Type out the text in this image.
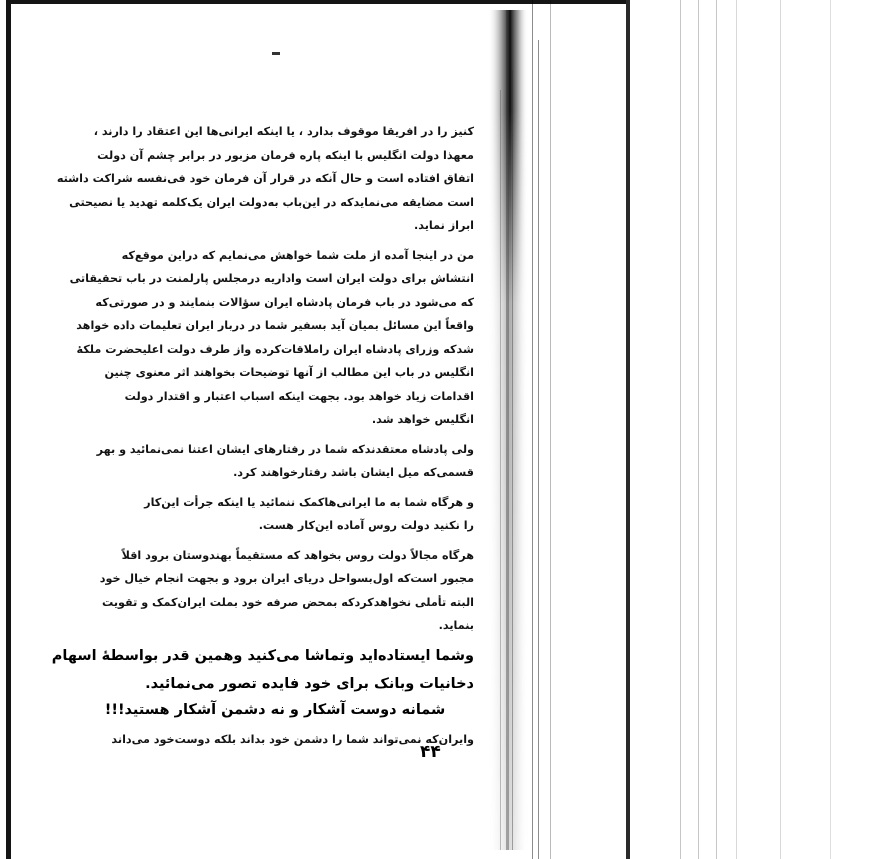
کنیز را در افریقا موقوف بدارد ، یا اینکه ایرانی‌ها این اعتقاد را دارند ،
معهذا دولت انگلیس با اینکه پاره فرمان مزبور در برابر چشم آن دولت
اتفاق افتاده است و حال آنکه در قرار آن فرمان خود فی‌نفسه شراکت داشته
است مضایقه می‌نمایدکه در این‌باب به‌دولت ایران یک‌کلمه تهدید یا نصیحتی
ابراز نماید.

من در اینجا آمده از ملت شما خواهش می‌نمایم که دراین موقع‌که
انتشاش برای دولت ایران است واداریه درمجلس پارلمنت در باب تحقیقاتی
که می‌شود در باب فرمان پادشاه ایران سؤالات بنمایند و در صورتی‌که
واقعاً این مسائل بمیان آید بسفیر شما در دربار ایران تعلیمات داده خواهد
شدکه وزرای پادشاه ایران راملاقات‌کرده واز طرف دولت اعلیحضرت ملکهٔ
انگلیس در باب این مطالب از آنها توضیحات بخواهند اثر معنوی چنین
اقدامات زیاد خواهد بود. بجهت اینکه اسباب اعتبار و اقتدار دولت
انگلیس خواهد شد.

ولی پادشاه معتقدندکه شما در رفتارهای ایشان اعتنا نمی‌نمائید و بهر
قسمی‌که میل ایشان باشد رفتارخواهند کرد.

و هرگاه شما به ما ایرانی‌هاکمک ننمائید یا اینکه جرأت این‌کار
را نکنید دولت روس آماده این‌کار هست.

هرگاه مجالاً دولت روس بخواهد که مستقیماً بهندوستان برود اقلاً
مجبور است‌که اول‌بسواحل دریای ایران برود و بجهت انجام خیال خود
البته تأملی نخواهدکردکه بمحض صرفه خود بملت ایران‌کمک و تقویت
بنماید.

وشما ایستاده‌اید وتماشا می‌کنید وهمین قدر بواسطهٔ اسهام

دخانیات وبانک برای خود فایده تصور می‌نمائید.

شمانه دوست آشکار و نه دشمن آشکار هستید!!!

وایران‌که نمی‌تواند شما را دشمن خود بداند بلکه دوست‌خود می‌داند

۴۴
